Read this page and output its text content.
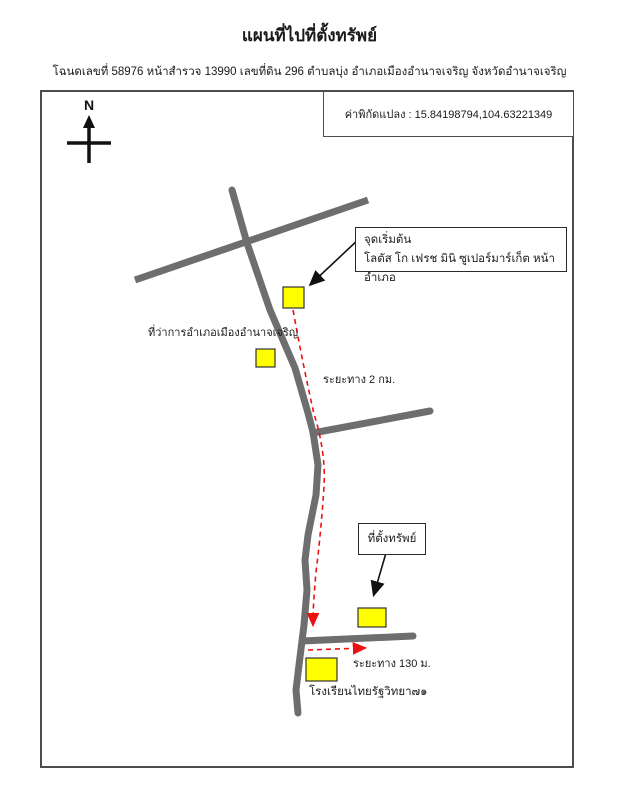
แผนที่ไปที่ตั้งทรัพย์
โฉนดเลขที่ 58976 หน้าสำรวจ 13990 เลขที่ดิน 296 ตำบลบุ่ง อำเภอเมืองอำนาจเจริญ จังหวัดอำนาจเจริญ
N
ค่าพิกัดแปลง : 15.84198794,104.63221349
จุดเริ่มต้น
โลตัส โก เฟรช มินิ ซูเปอร์มาร์เก็ต หน้าอำเภอ
ที่ตั้งทรัพย์
ที่ว่าการอำเภอเมืองอำนาจเจริญ
ระยะทาง 2 กม.
ระยะทาง 130 ม.
โรงเรียนไทยรัฐวิทยา๗๑
